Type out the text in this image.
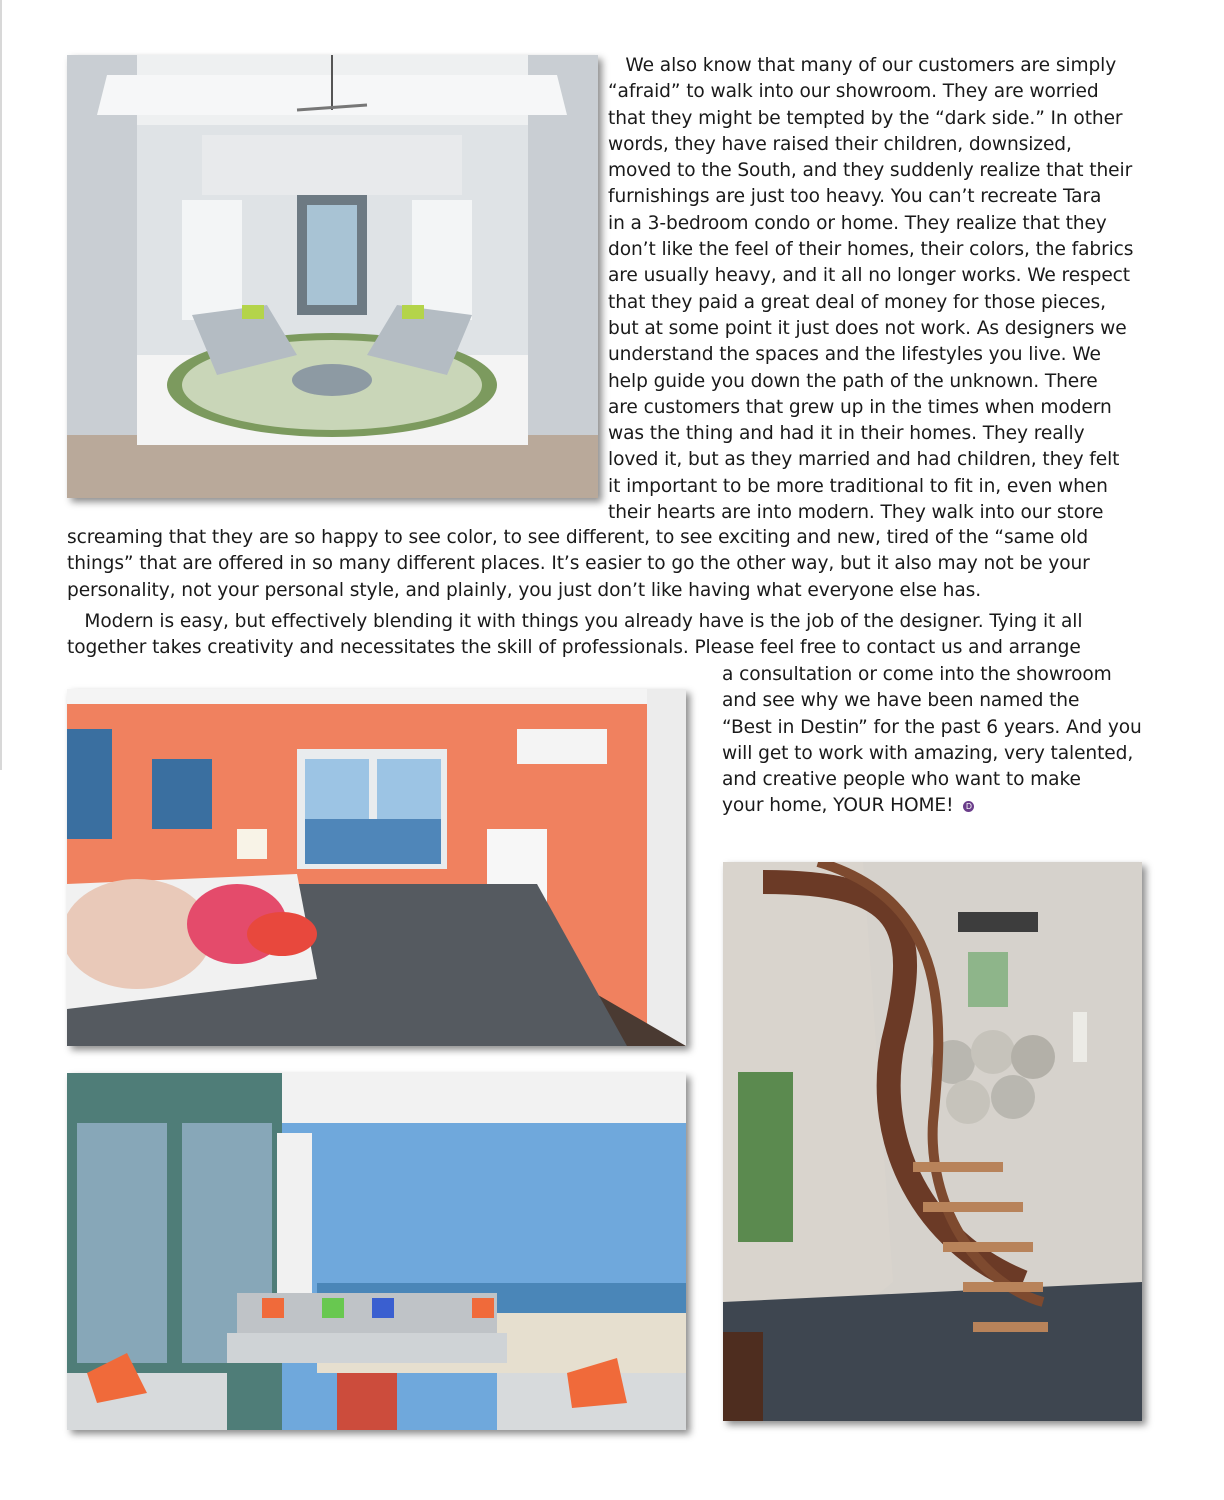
We also know that many of our customers are simply
“afraid” to walk into our showroom. They are worried
that they might be tempted by the “dark side.” In other
words, they have raised their children, downsized,
moved to the South, and they suddenly realize that their
furnishings are just too heavy. You can’t recreate Tara
in a 3-bedroom condo or home. They realize that they
don’t like the feel of their homes, their colors, the fabrics
are usually heavy, and it all no longer works. We respect
that they paid a great deal of money for those pieces,
but at some point it just does not work. As designers we
understand the spaces and the lifestyles you live. We
help guide you down the path of the unknown. There
are customers that grew up in the times when modern
was the thing and had it in their homes. They really
loved it, but as they married and had children, they felt
it important to be more traditional to fit in, even when
their hearts are into modern. They walk into our store
screaming that they are so happy to see color, to see different, to see exciting and new, tired of the “same old
things” that are offered in so many different places. It’s easier to go the other way, but it also may not be your
personality, not your personal style, and plainly, you just don’t like having what everyone else has.
Modern is easy, but effectively blending it with things you already have is the job of the designer. Tying it all
together takes creativity and necessitates the skill of professionals. Please feel free to contact us and arrange
a consultation or come into the showroom
and see why we have been named the
“Best in Destin” for the past 6 years. And you
will get to work with amazing, very talented,
and creative people who want to make
your home, YOUR HOME! D
